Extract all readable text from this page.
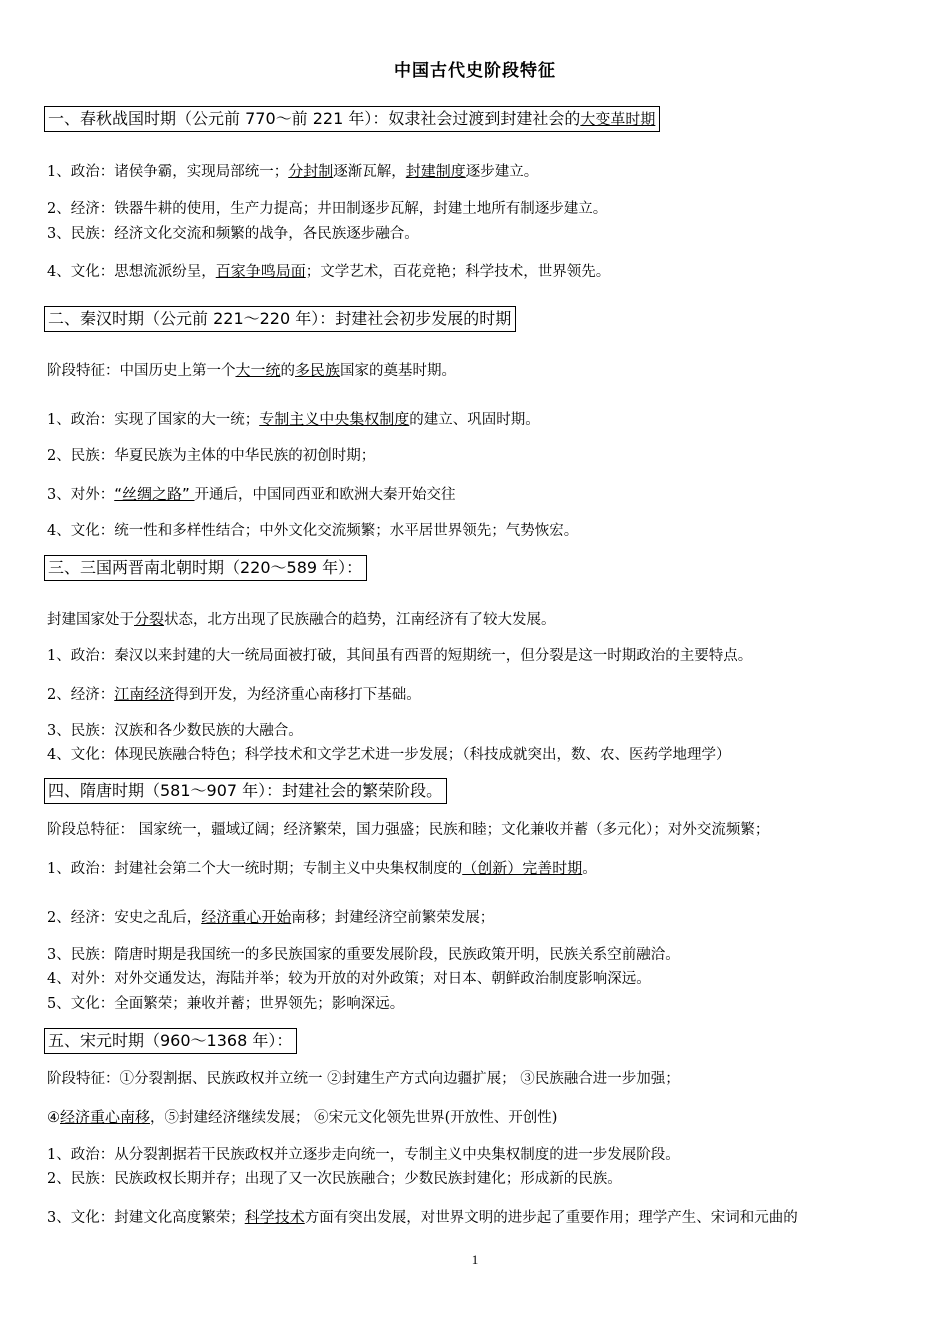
中国古代史阶段特征
一、春秋战国时期（公元前 770～前 221 年）：奴隶社会过渡到封建社会的大变革时期
1、政治：诸侯争霸，实现局部统一；分封制逐渐瓦解，封建制度逐步建立。
2、经济：铁器牛耕的使用，生产力提高；井田制逐步瓦解，封建土地所有制逐步建立。
3、民族：经济文化交流和频繁的战争，各民族逐步融合。
4、文化：思想流派纷呈，百家争鸣局面；文学艺术，百花竞艳；科学技术，世界领先。
二、秦汉时期（公元前 221～220 年）：封建社会初步发展的时期
阶段特征：中国历史上第一个大一统的多民族国家的奠基时期。
1、政治：实现了国家的大一统；专制主义中央集权制度的建立、巩固时期。
2、民族：华夏民族为主体的中华民族的初创时期；
3、对外：“丝绸之路” 开通后，中国同西亚和欧洲大秦开始交往
4、文化：统一性和多样性结合；中外文化交流频繁；水平居世界领先；气势恢宏。
三、三国两晋南北朝时期（220～589 年）：
封建国家处于分裂状态，北方出现了民族融合的趋势，江南经济有了较大发展。
1、政治：秦汉以来封建的大一统局面被打破，其间虽有西晋的短期统一，但分裂是这一时期政治的主要特点。
2、经济：江南经济得到开发，为经济重心南移打下基础。
3、民族：汉族和各少数民族的大融合。
4、文化：体现民族融合特色；科学技术和文学艺术进一步发展；（科技成就突出，数、农、医药学地理学）
四、隋唐时期（581～907 年）：封建社会的繁荣阶段。
阶段总特征： 国家统一，疆域辽阔；经济繁荣，国力强盛；民族和睦；文化兼收并蓄（多元化）；对外交流频繁；
1、政治：封建社会第二个大一统时期；专制主义中央集权制度的（创新）完善时期。
2、经济：安史之乱后，经济重心开始南移；封建经济空前繁荣发展；
3、民族：隋唐时期是我国统一的多民族国家的重要发展阶段，民族政策开明，民族关系空前融洽。
4、对外：对外交通发达，海陆并举；较为开放的对外政策；对日本、朝鲜政治制度影响深远。
5、文化：全面繁荣；兼收并蓄；世界领先；影响深远。
五、宋元时期（960～1368 年）：
阶段特征：①分裂割据、民族政权并立统一 ②封建生产方式向边疆扩展； ③民族融合进一步加强；
④经济重心南移，⑤封建经济继续发展； ⑥宋元文化领先世界(开放性、开创性)
1、政治：从分裂割据若干民族政权并立逐步走向统一，专制主义中央集权制度的进一步发展阶段。
2、民族：民族政权长期并存；出现了又一次民族融合；少数民族封建化；形成新的民族。
3、文化：封建文化高度繁荣；科学技术方面有突出发展，对世界文明的进步起了重要作用；理学产生、宋词和元曲的
1
